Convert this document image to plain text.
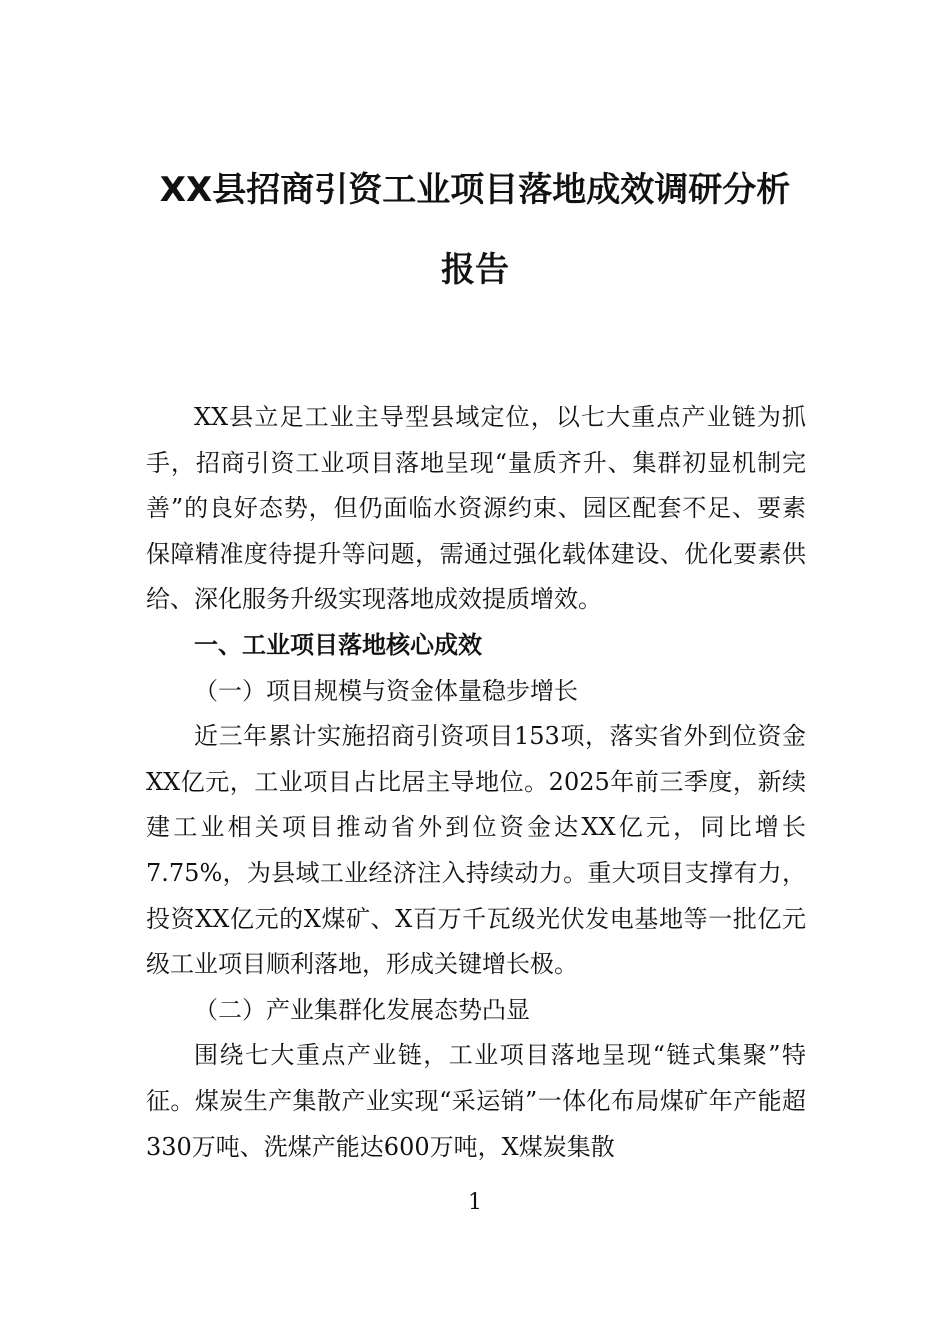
XX县招商引资工业项目落地成效调研分析
报告

XX县立足工业主导型县域定位，以七大重点产业链为抓手，招商引资工业项目落地呈现“量质齐升、集群初显机制完善”的良好态势，但仍面临水资源约束、园区配套不足、要素保障精准度待提升等问题，需通过强化载体建设、优化要素供给、深化服务升级实现落地成效提质增效。

一、工业项目落地核心成效
（一）项目规模与资金体量稳步增长

近三年累计实施招商引资项目153项，落实省外到位资金XX亿元，工业项目占比居主导地位。2025年前三季度，新续建工业相关项目推动省外到位资金达XX亿元，同比增长7.75%，为县域工业经济注入持续动力。重大项目支撑有力，投资XX亿元的X煤矿、X百万千瓦级光伏发电基地等一批亿元级工业项目顺利落地，形成关键增长极。

（二）产业集群化发展态势凸显

围绕七大重点产业链，工业项目落地呈现“链式集聚”特征。煤炭生产集散产业实现“采运销”一体化布局煤矿年产能超330万吨、洗煤产能达600万吨，X煤炭集散

1
